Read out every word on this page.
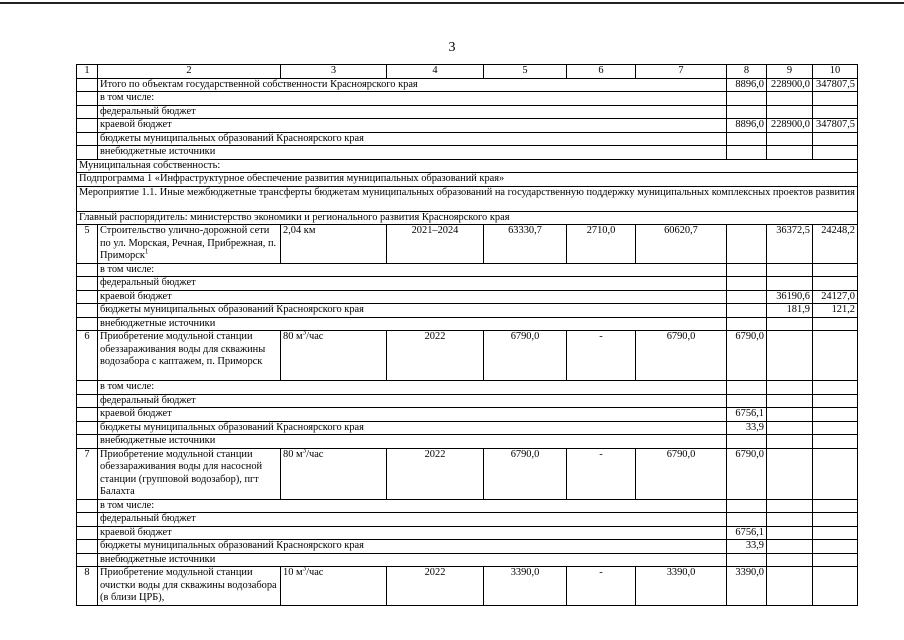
3
1	2	3	4	5	6	7	8	9	10
	Итого по объектам государственной собственности Красноярского края						8896,0	228900,0	347807,5
	в том числе:								
	федеральный бюджет								
	краевой бюджет						8896,0	228900,0	347807,5
	бюджеты муниципальных образований Красноярского края								
	внебюджетные источники								
Муниципальная собственность:									
Подпрограмма 1 «Инфраструктурное обеспечение развития муниципальных образований края»									
Мероприятие 1.1. Иные межбюджетные трансферты бюджетам муниципальных образований на государственную поддержку муниципальных комплексных проектов развития									
Главный распорядитель: министерство экономики и регионального развития Красноярского края									
5	Строительство улично-дорожной сети по ул. Морская, Речная, Прибрежная, п. Приморск$^1$	2,04 км	2021–2024	63330,7	2710,0	60620,7		36372,5	24248,2
	в том числе:								
	федеральный бюджет								
	краевой бюджет							36190,6	24127,0
	бюджеты муниципальных образований Красноярского края							181,9	121,2
	внебюджетные источники								
6	Приобретение модульной станции обеззараживания воды для скважины водозабора с каптажем, п. Приморск	80 $м^3$/час	2022	6790,0	-	6790,0	6790,0		
	в том числе:								
	федеральный бюджет								
	краевой бюджет						6756,1		
	бюджеты муниципальных образований Красноярского края						33,9		
	внебюджетные источники								
7	Приобретение модульной станции обеззараживания воды для насосной станции (групповой водозабор), пгт Балахта	80 $м^3$/час	2022	6790,0	-	6790,0	6790,0		
	в том числе:								
	федеральный бюджет								
	краевой бюджет						6756,1		
	бюджеты муниципальных образований Красноярского края						33,9		
	внебюджетные источники								
8	Приобретение модульной станции очистки воды для скважины водозабора (в близи ЦРБ),	10 $м^3$/час	2022	3390,0	-	3390,0	3390,0		
